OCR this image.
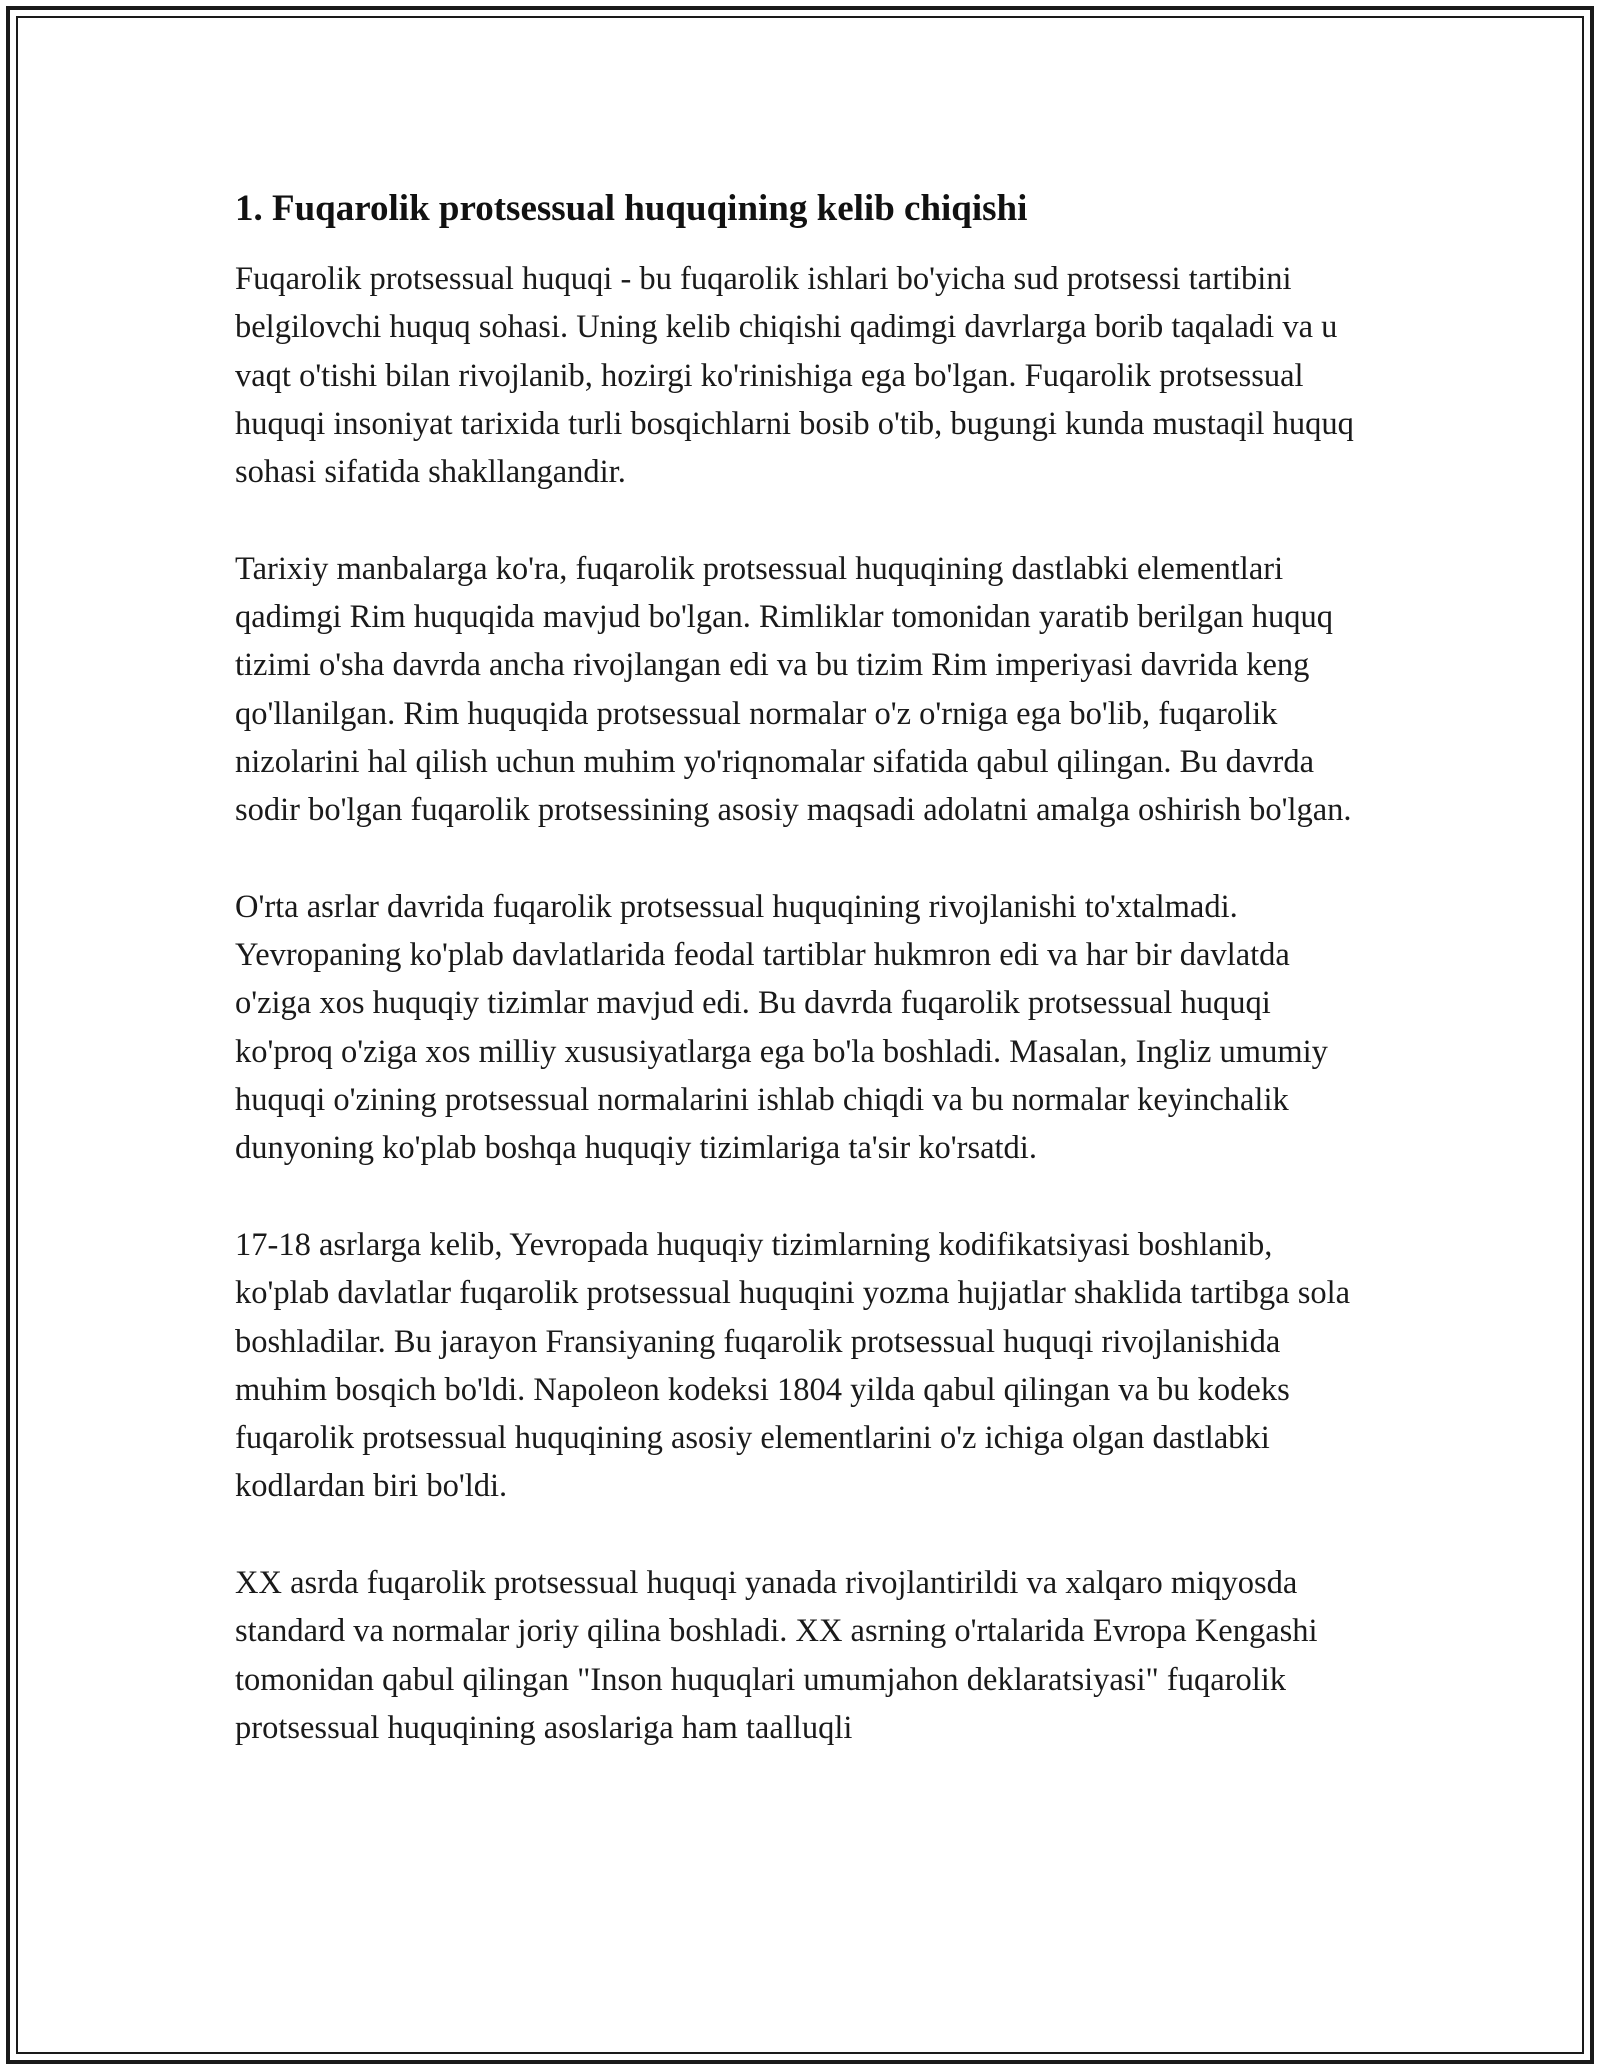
1. Fuqarolik protsessual huquqining kelib chiqishi

Fuqarolik protsessual huquqi - bu fuqarolik ishlari bo'yicha sud protsessi tartibini belgilovchi huquq sohasi. Uning kelib chiqishi qadimgi davrlarga borib taqaladi va u vaqt o'tishi bilan rivojlanib, hozirgi ko'rinishiga ega bo'lgan. Fuqarolik protsessual huquqi insoniyat tarixida turli bosqichlarni bosib o'tib, bugungi kunda mustaqil huquq sohasi sifatida shakllangandir.

Tarixiy manbalarga ko'ra, fuqarolik protsessual huquqining dastlabki elementlari qadimgi Rim huquqida mavjud bo'lgan. Rimliklar tomonidan yaratib berilgan huquq tizimi o'sha davrda ancha rivojlangan edi va bu tizim Rim imperiyasi davrida keng qo'llanilgan. Rim huquqida protsessual normalar o'z o'rniga ega bo'lib, fuqarolik nizolarini hal qilish uchun muhim yo'riqnomalar sifatida qabul qilingan. Bu davrda sodir bo'lgan fuqarolik protsessining asosiy maqsadi adolatni amalga oshirish bo'lgan.

O'rta asrlar davrida fuqarolik protsessual huquqining rivojlanishi to'xtalmadi. Yevropaning ko'plab davlatlarida feodal tartiblar hukmron edi va har bir davlatda o'ziga xos huquqiy tizimlar mavjud edi. Bu davrda fuqarolik protsessual huquqi ko'proq o'ziga xos milliy xususiyatlarga ega bo'la boshladi. Masalan, Ingliz umumiy huquqi o'zining protsessual normalarini ishlab chiqdi va bu normalar keyinchalik dunyoning ko'plab boshqa huquqiy tizimlariga ta'sir ko'rsatdi.

17-18 asrlarga kelib, Yevropada huquqiy tizimlarning kodifikatsiyasi boshlanib, ko'plab davlatlar fuqarolik protsessual huquqini yozma hujjatlar shaklida tartibga sola boshladilar. Bu jarayon Fransiyaning fuqarolik protsessual huquqi rivojlanishida muhim bosqich bo'ldi. Napoleon kodeksi 1804 yilda qabul qilingan va bu kodeks fuqarolik protsessual huquqining asosiy elementlarini o'z ichiga olgan dastlabki kodlardan biri bo'ldi.

XX asrda fuqarolik protsessual huquqi yanada rivojlantirildi va xalqaro miqyosda standard va normalar joriy qilina boshladi. XX asrning o'rtalarida Evropa Kengashi tomonidan qabul qilingan "Inson huquqlari umumjahon deklaratsiyasi" fuqarolik protsessual huquqining asoslariga ham taalluqli
